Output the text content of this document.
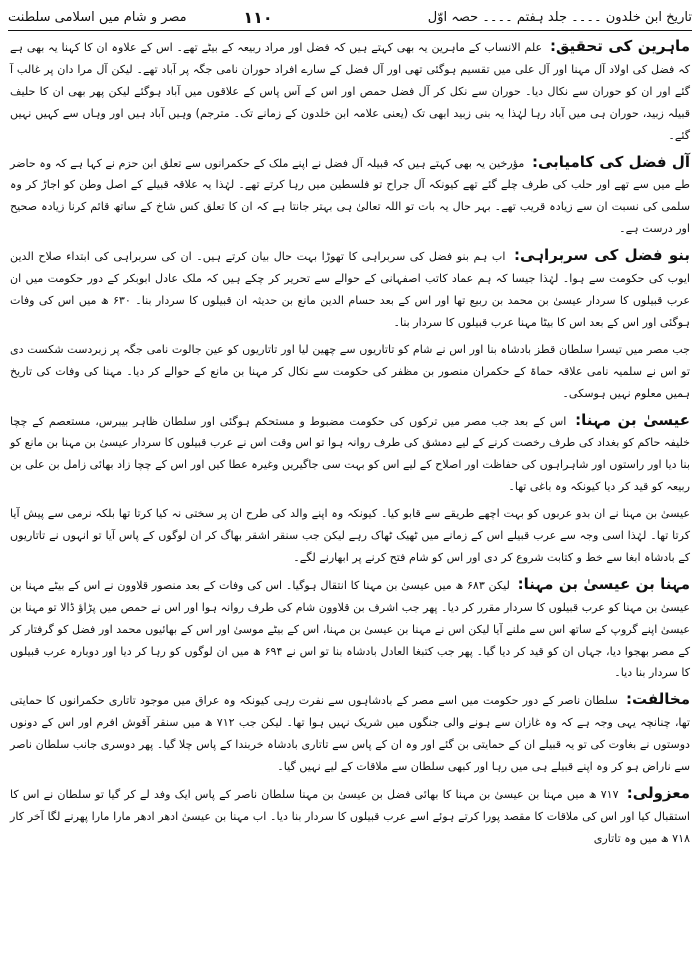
تاریخ ابن خلدون ۔۔۔۔ جلد ہفتم ۔۔۔۔ حصہ اوّل
۱۱۰
مصر و شام میں اسلامی سلطنت

ماہرین کی تحقیق: علم الانساب کے ماہرین یہ بھی کہتے ہیں کہ فضل اور مراد ربیعہ کے بیٹے تھے۔ اس کے علاوہ ان کا کہنا یہ بھی ہے کہ فضل کی اولاد آل مہنا اور آل علی میں تقسیم ہوگئی تھی اور آل فضل کے سارے افراد حوران نامی جگہ پر آباد تھے۔ لیکن آل مرا دان پر غالب آ گئے اور ان کو حوران سے نکال دیا۔ حوران سے نکل کر آل فضل حمص اور اس کے آس پاس کے علاقوں میں آباد ہوگئے لیکن پھر بھی ان کا حلیف قبیلہ زبید، حوران ہی میں آباد رہا لہٰذا یہ بنی زبید ابھی تک (یعنی علامہ ابن خلدون کے زمانے تک۔ مترجم) وہیں آباد ہیں اور وہاں سے کہیں نہیں گئے۔

آل فضل کی کامیابی: مؤرخین یہ بھی کہتے ہیں کہ قبیلہ آل فضل نے اپنے ملک کے حکمرانوں سے تعلق ابن حزم نے کہا ہے کہ وہ حاضر طے میں سے تھے اور حلب کی طرف چلے گئے تھے کیونکہ آل جراح تو فلسطین میں رہا کرتے تھے۔ لہٰذا یہ علاقہ قبیلے کے اصل وطن کو اجاڑ کر وہ سلمی کی نسبت ان سے زیادہ قریب تھے۔ بہر حال یہ بات تو اللہ تعالیٰ ہی بہتر جانتا ہے کہ ان کا تعلق کس شاخ کے ساتھ قائم کرنا زیادہ صحیح اور درست ہے۔

بنو فضل کی سربراہی: اب ہم بنو فضل کی سربراہی کا تھوڑا بہت حال بیان کرتے ہیں۔ ان کی سربراہی کی ابتداء صلاح الدین ایوب کی حکومت سے ہوا۔ لہٰذا جیسا کہ ہم عماد کاتب اصفہانی کے حوالے سے تحریر کر چکے ہیں کہ ملک عادل ابوبکر کے دور حکومت میں ان عرب قبیلوں کا سردار عیسیٰ بن محمد بن ربیع تھا اور اس کے بعد حسام الدین مانع بن حدیثہ ان قبیلوں کا سردار بنا۔ ۶۳۰ ھ میں اس کی وفات ہوگئی اور اس کے بعد اس کا بیٹا مہنا عرب قبیلوں کا سردار بنا۔

جب مصر میں تیسرا سلطان قطز بادشاہ بنا اور اس نے شام کو تاتاریوں سے چھین لیا اور تاتاریوں کو عین جالوت نامی جگہ پر زبردست شکست دی تو اس نے سلمیہ نامی علاقہ حماۃ کے حکمران منصور بن مظفر کی حکومت سے نکال کر مہنا بن مانع کے حوالے کر دیا۔ مہنا کی وفات کی تاریخ ہمیں معلوم نہیں ہوسکی۔

عیسیٰ بن مہنا: اس کے بعد جب مصر میں ترکوں کی حکومت مضبوط و مستحکم ہوگئی اور سلطان ظاہر بیبرس، مستعصم کے چچا خلیفہ حاکم کو بغداد کی طرف رخصت کرنے کے لیے دمشق کی طرف روانہ ہوا تو اس وقت اس نے عرب قبیلوں کا سردار عیسیٰ بن مہنا بن مانع کو بنا دیا اور راستوں اور شاہراہوں کی حفاظت اور اصلاح کے لیے اس کو بہت سی جاگیریں وغیرہ عطا کیں اور اس کے چچا زاد بھائی زامل بن علی بن ربیعہ کو قید کر دیا کیونکہ وہ باغی تھا۔

عیسیٰ بن مہنا نے ان بدو عربوں کو بہت اچھے طریقے سے قابو کیا۔ کیونکہ وہ اپنے والد کی طرح ان پر سختی نہ کیا کرتا تھا بلکہ نرمی سے پیش آیا کرتا تھا۔ لہٰذا اسی وجہ سے عرب قبیلے اس کے زمانے میں ٹھیک ٹھاک رہے لیکن جب سنقر اشقر بھاگ کر ان لوگوں کے پاس آیا تو انہوں نے تاتاریوں کے بادشاہ ابغا سے خط و کتابت شروع کر دی اور اس کو شام فتح کرنے پر ابھارنے لگے۔

مہنا بن عیسیٰ بن مہنا: لیکن ۶۸۳ ھ میں عیسیٰ بن مہنا کا انتقال ہوگیا۔ اس کی وفات کے بعد منصور قلاوون نے اس کے بیٹے مہنا بن عیسیٰ بن مہنا کو عرب قبیلوں کا سردار مقرر کر دیا۔ پھر جب اشرف بن قلاوون شام کی طرف روانہ ہوا اور اس نے حمص میں پڑاؤ ڈالا تو مہنا بن عیسیٰ اپنے گروپ کے ساتھ اس سے ملنے آیا لیکن اس نے مہنا بن عیسیٰ بن مہنا، اس کے بیٹے موسیٰ اور اس کے بھائیوں محمد اور فضل کو گرفتار کر کے مصر بھجوا دیا، جہاں ان کو قید کر دیا گیا۔ پھر جب کتبغا العادل بادشاہ بنا تو اس نے ۶۹۴ ھ میں ان لوگوں کو رہا کر دیا اور دوبارہ عرب قبیلوں کا سردار بنا دیا۔

مخالفت: سلطان ناصر کے دور حکومت میں اسے مصر کے بادشاہوں سے نفرت رہی کیونکہ وہ عراق میں موجود تاتاری حکمرانوں کا حمایتی تھا، چنانچہ یہی وجہ ہے کہ وہ غازان سے ہونے والی جنگوں میں شریک نہیں ہوا تھا۔ لیکن جب ۷۱۲ ھ میں سنقر آقوش افرم اور اس کے دونوں دوستوں نے بغاوت کی تو یہ قبیلے ان کے حمایتی بن گئے اور وہ ان کے پاس سے تاتاری بادشاہ خربندا کے پاس چلا گیا۔ پھر دوسری جانب سلطان ناصر سے ناراض ہو کر وہ اپنے قبیلے ہی میں رہا اور کبھی سلطان سے ملاقات کے لیے نہیں گیا۔

معزولی: ۷۱۷ ھ میں مہنا بن عیسیٰ بن مہنا کا بھائی فضل بن عیسیٰ بن مہنا سلطان ناصر کے پاس ایک وفد لے کر گیا تو سلطان نے اس کا استقبال کیا اور اس کی ملاقات کا مقصد پورا کرتے ہوئے اسے عرب قبیلوں کا سردار بنا دیا۔ اب مہنا بن عیسیٰ ادھر ادھر مارا مارا پھرنے لگا آخر کار ۷۱۸ ھ میں وہ تاتاری
